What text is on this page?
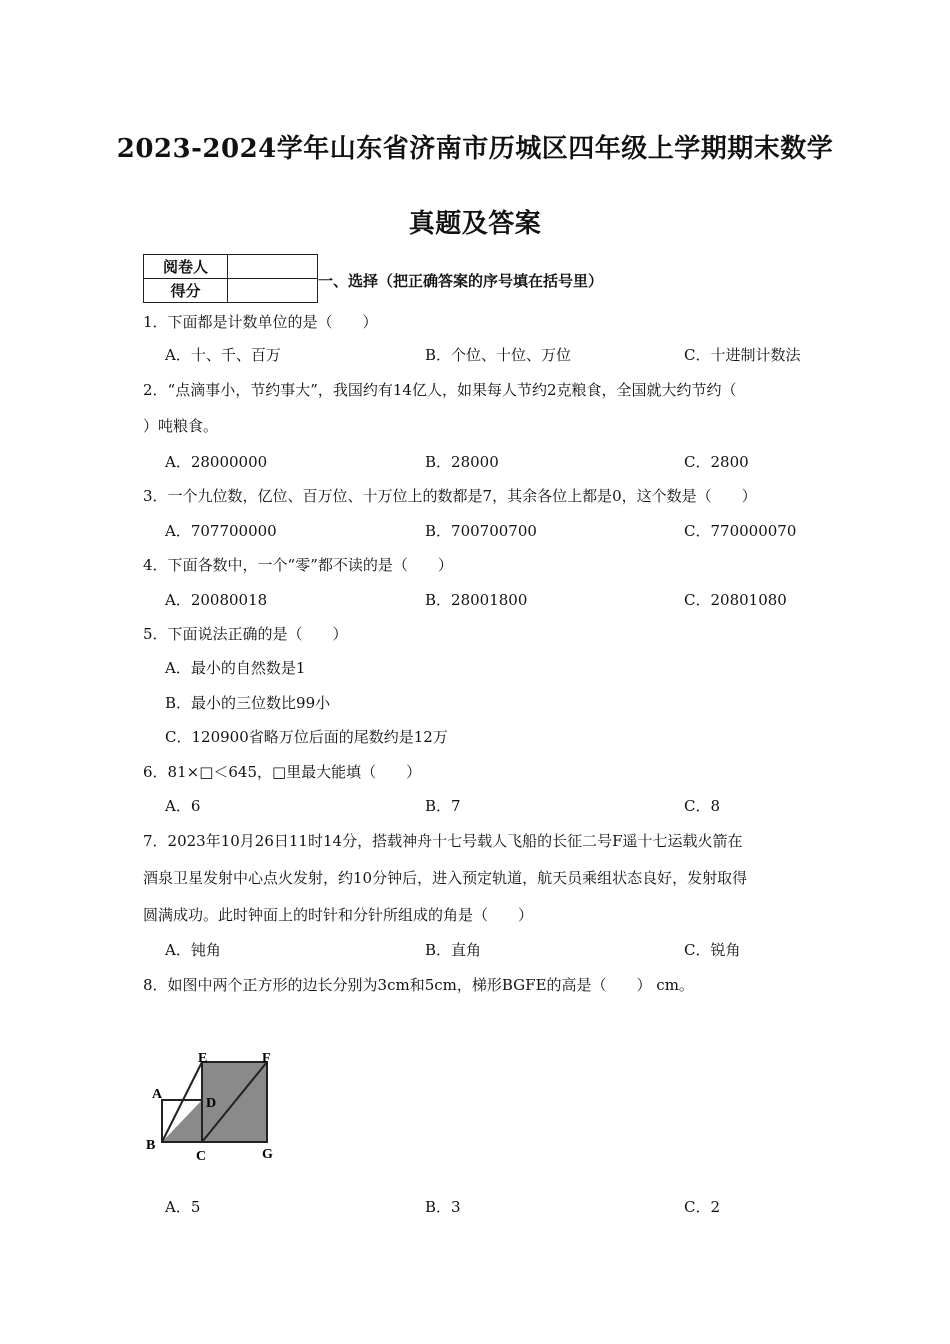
2023-2024学年山东省济南市历城区四年级上学期期末数学
真题及答案
阅卷人	
得分	
一、选择（把正确答案的序号填在括号里）
1．下面都是计数单位的是（　　）
A．十、千、百万	B．个位、十位、万位	C．十进制计数法
2．“点滴事小，节约事大”，我国约有14亿人，如果每人节约2克粮食，全国就大约节约（
）吨粮食。
A．28000000	B．28000	C．2800
3．一个九位数，亿位、百万位、十万位上的数都是7，其余各位上都是0，这个数是（　　）
A．707700000	B．700700700	C．770000070
4．下面各数中，一个“零”都不读的是（　　）
A．20080018	B．28001800	C．20801080
5．下面说法正确的是（　　）
A．最小的自然数是1
B．最小的三位数比99小
C．120900省略万位后面的尾数约是12万
6．81×□＜645，□里最大能填（　　）
A．6	B．7	C．8
7．2023年10月26日11时14分，搭载神舟十七号载人飞船的长征二号F遥十七运载火箭在
酒泉卫星发射中心点火发射，约10分钟后，进入预定轨道，航天员乘组状态良好，发射取得
圆满成功。此时钟面上的时针和分针所组成的角是（　　）
A．钝角	B．直角	C．锐角
8．如图中两个正方形的边长分别为3cm和5cm，梯形BGFE的高是（　　） cm。
A
B
C
D
E	F
G
A．5	B．3	C．2
